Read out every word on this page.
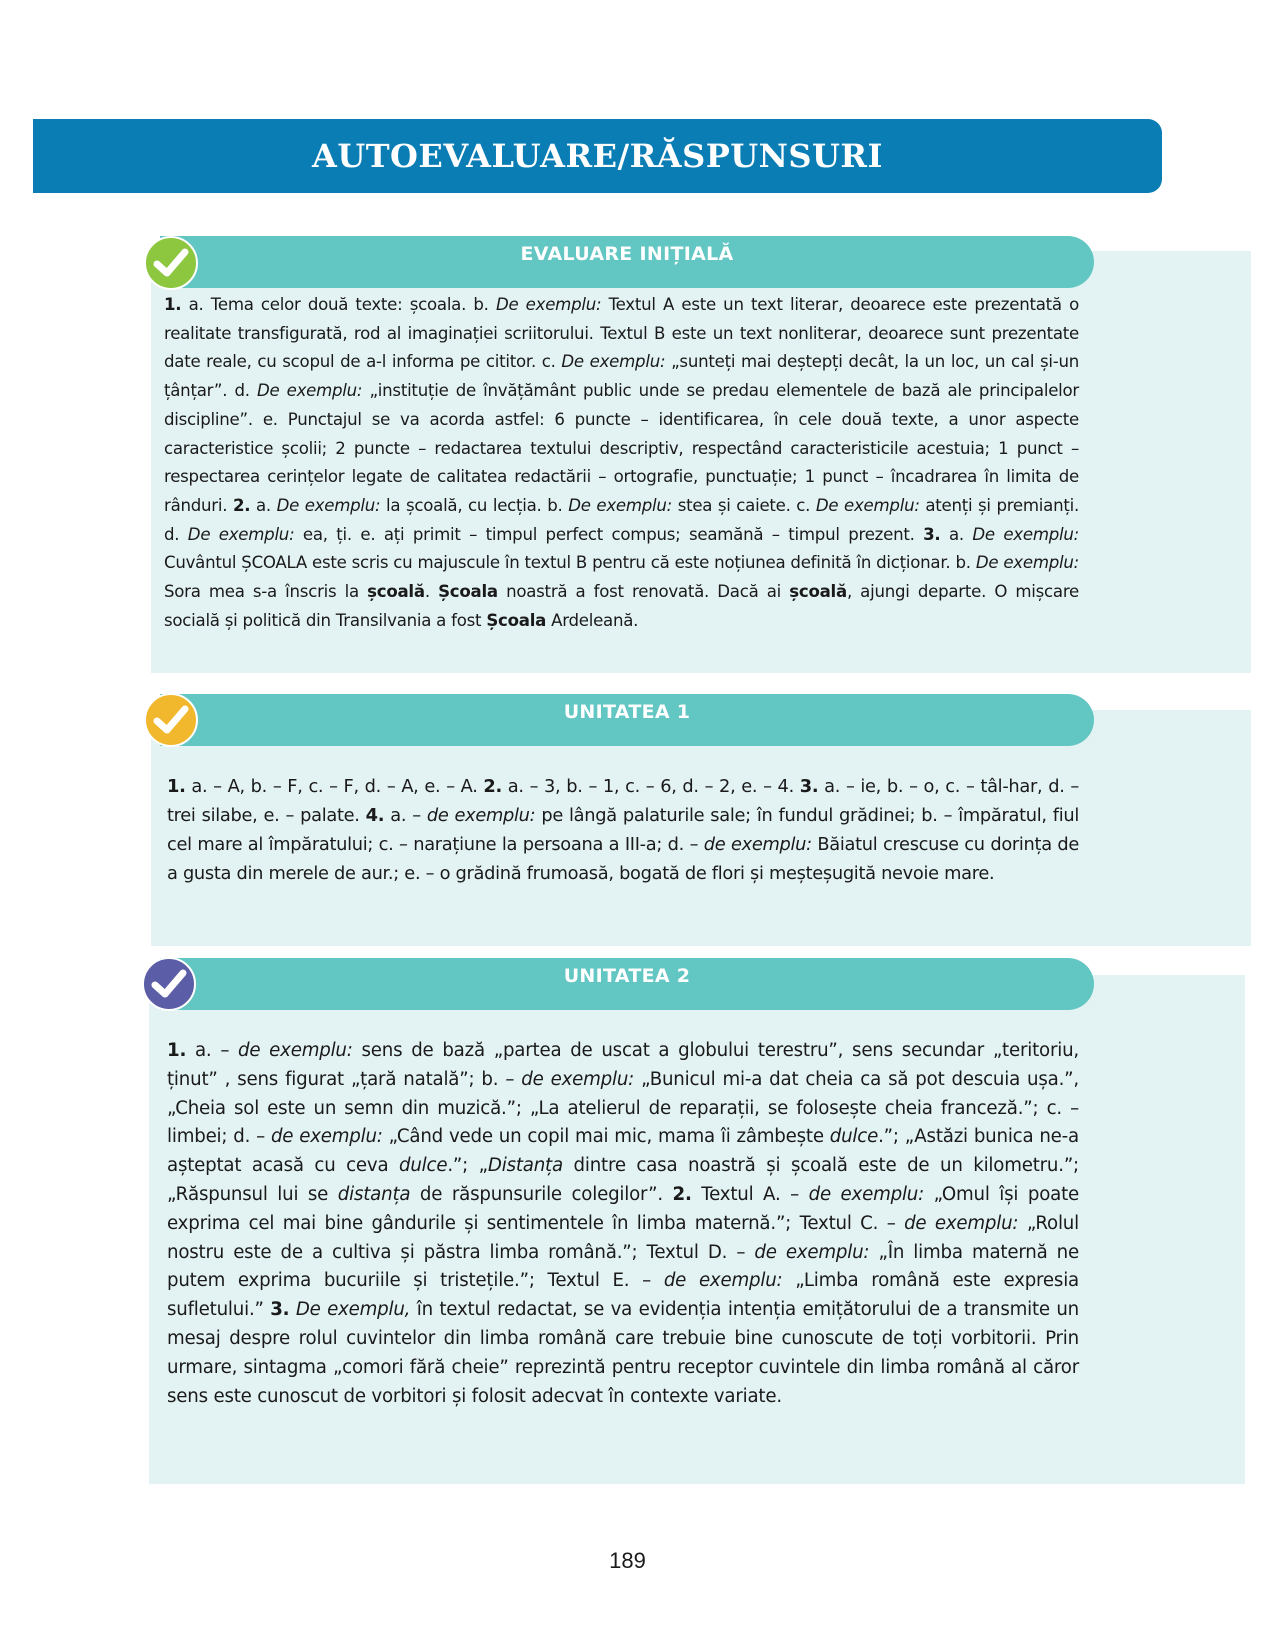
AUTOEVALUARE/RĂSPUNSURI
EVALUARE INIȚIALĂ

1. a. Tema celor două texte: școala. b. De exemplu: Textul A este un text literar, deoarece este prezentată o realitate transfigurată, rod al imaginației scriitorului. Textul B este un text nonliterar, deoarece sunt prezentate date reale, cu scopul de a-l informa pe cititor. c. De exemplu: „sunteți mai deștepți decât, la un loc, un cal și-un țânțar”. d. De exemplu: „instituție de învățământ public unde se predau elementele de bază ale principalelor discipline”. e. Punctajul se va acorda astfel: 6 puncte – identificarea, în cele două texte, a unor aspecte caracteristice școlii; 2 puncte – redactarea textului descriptiv, respectând caracteristicile acestuia; 1 punct – respectarea cerințelor legate de calitatea redactării – ortografie, punctuație; 1 punct – încadrarea în limita de rânduri. 2. a. De exemplu: la școală, cu lecția. b. De exemplu: stea și caiete. c. De exemplu: atenți și premianți. d. De exemplu: ea, ți. e. ați primit – timpul perfect compus; seamănă – timpul prezent. 3. a. De exemplu: Cuvântul ȘCOALA este scris cu majuscule în textul B pentru că este noțiunea definită în dicționar. b. De exemplu: Sora mea s-a înscris la școală. Școala noastră a fost renovată. Dacă ai școală, ajungi departe. O mișcare socială și politică din Transilvania a fost Școala Ardeleană.

UNITATEA 1

1. a. – A, b. – F, c. – F, d. – A, e. – A. 2. a. – 3, b. – 1, c. – 6, d. – 2, e. – 4. 3. a. – ie, b. – o, c. – tâl-har, d. – trei silabe, e. – palate. 4. a. – de exemplu: pe lângă palaturile sale; în fundul grădinei; b. – împăratul, fiul cel mare al împăratului; c. – narațiune la persoana a III-a; d. – de exemplu: Băiatul crescuse cu dorința de a gusta din merele de aur.; e. – o grădină frumoasă, bogată de flori și meșteșugită nevoie mare.

UNITATEA 2

1. a. – de exemplu: sens de bază „partea de uscat a globului terestru”, sens secundar „teritoriu, ținut” , sens figurat „țară natală”; b. – de exemplu: „Bunicul mi-a dat cheia ca să pot descuia ușa.”, „Cheia sol este un semn din muzică.”; „La atelierul de reparații, se folosește cheia franceză.”; c. – limbei; d. – de exemplu: „Când vede un copil mai mic, mama îi zâmbește dulce.”; „Astăzi bunica ne-a așteptat acasă cu ceva dulce.”; „Distanța dintre casa noastră și școală este de un kilometru.”; „Răspunsul lui se distanța de răspunsurile colegilor”. 2. Textul A. – de exemplu: „Omul își poate exprima cel mai bine gândurile și sentimentele în limba maternă.”; Textul C. – de exemplu: „Rolul nostru este de a cultiva și păstra limba română.”; Textul D. – de exemplu: „În limba maternă ne putem exprima bucuriile și tristețile.”; Textul E. – de exemplu: „Limba română este expresia sufletului.” 3. De exemplu, în textul redactat, se va evidenția intenția emițătorului de a transmite un mesaj despre rolul cuvintelor din limba română care trebuie bine cunoscute de toți vorbitorii. Prin urmare, sintagma „comori fără cheie” reprezintă pentru receptor cuvintele din limba română al căror sens este cunoscut de vorbitori și folosit adecvat în contexte variate.

189
